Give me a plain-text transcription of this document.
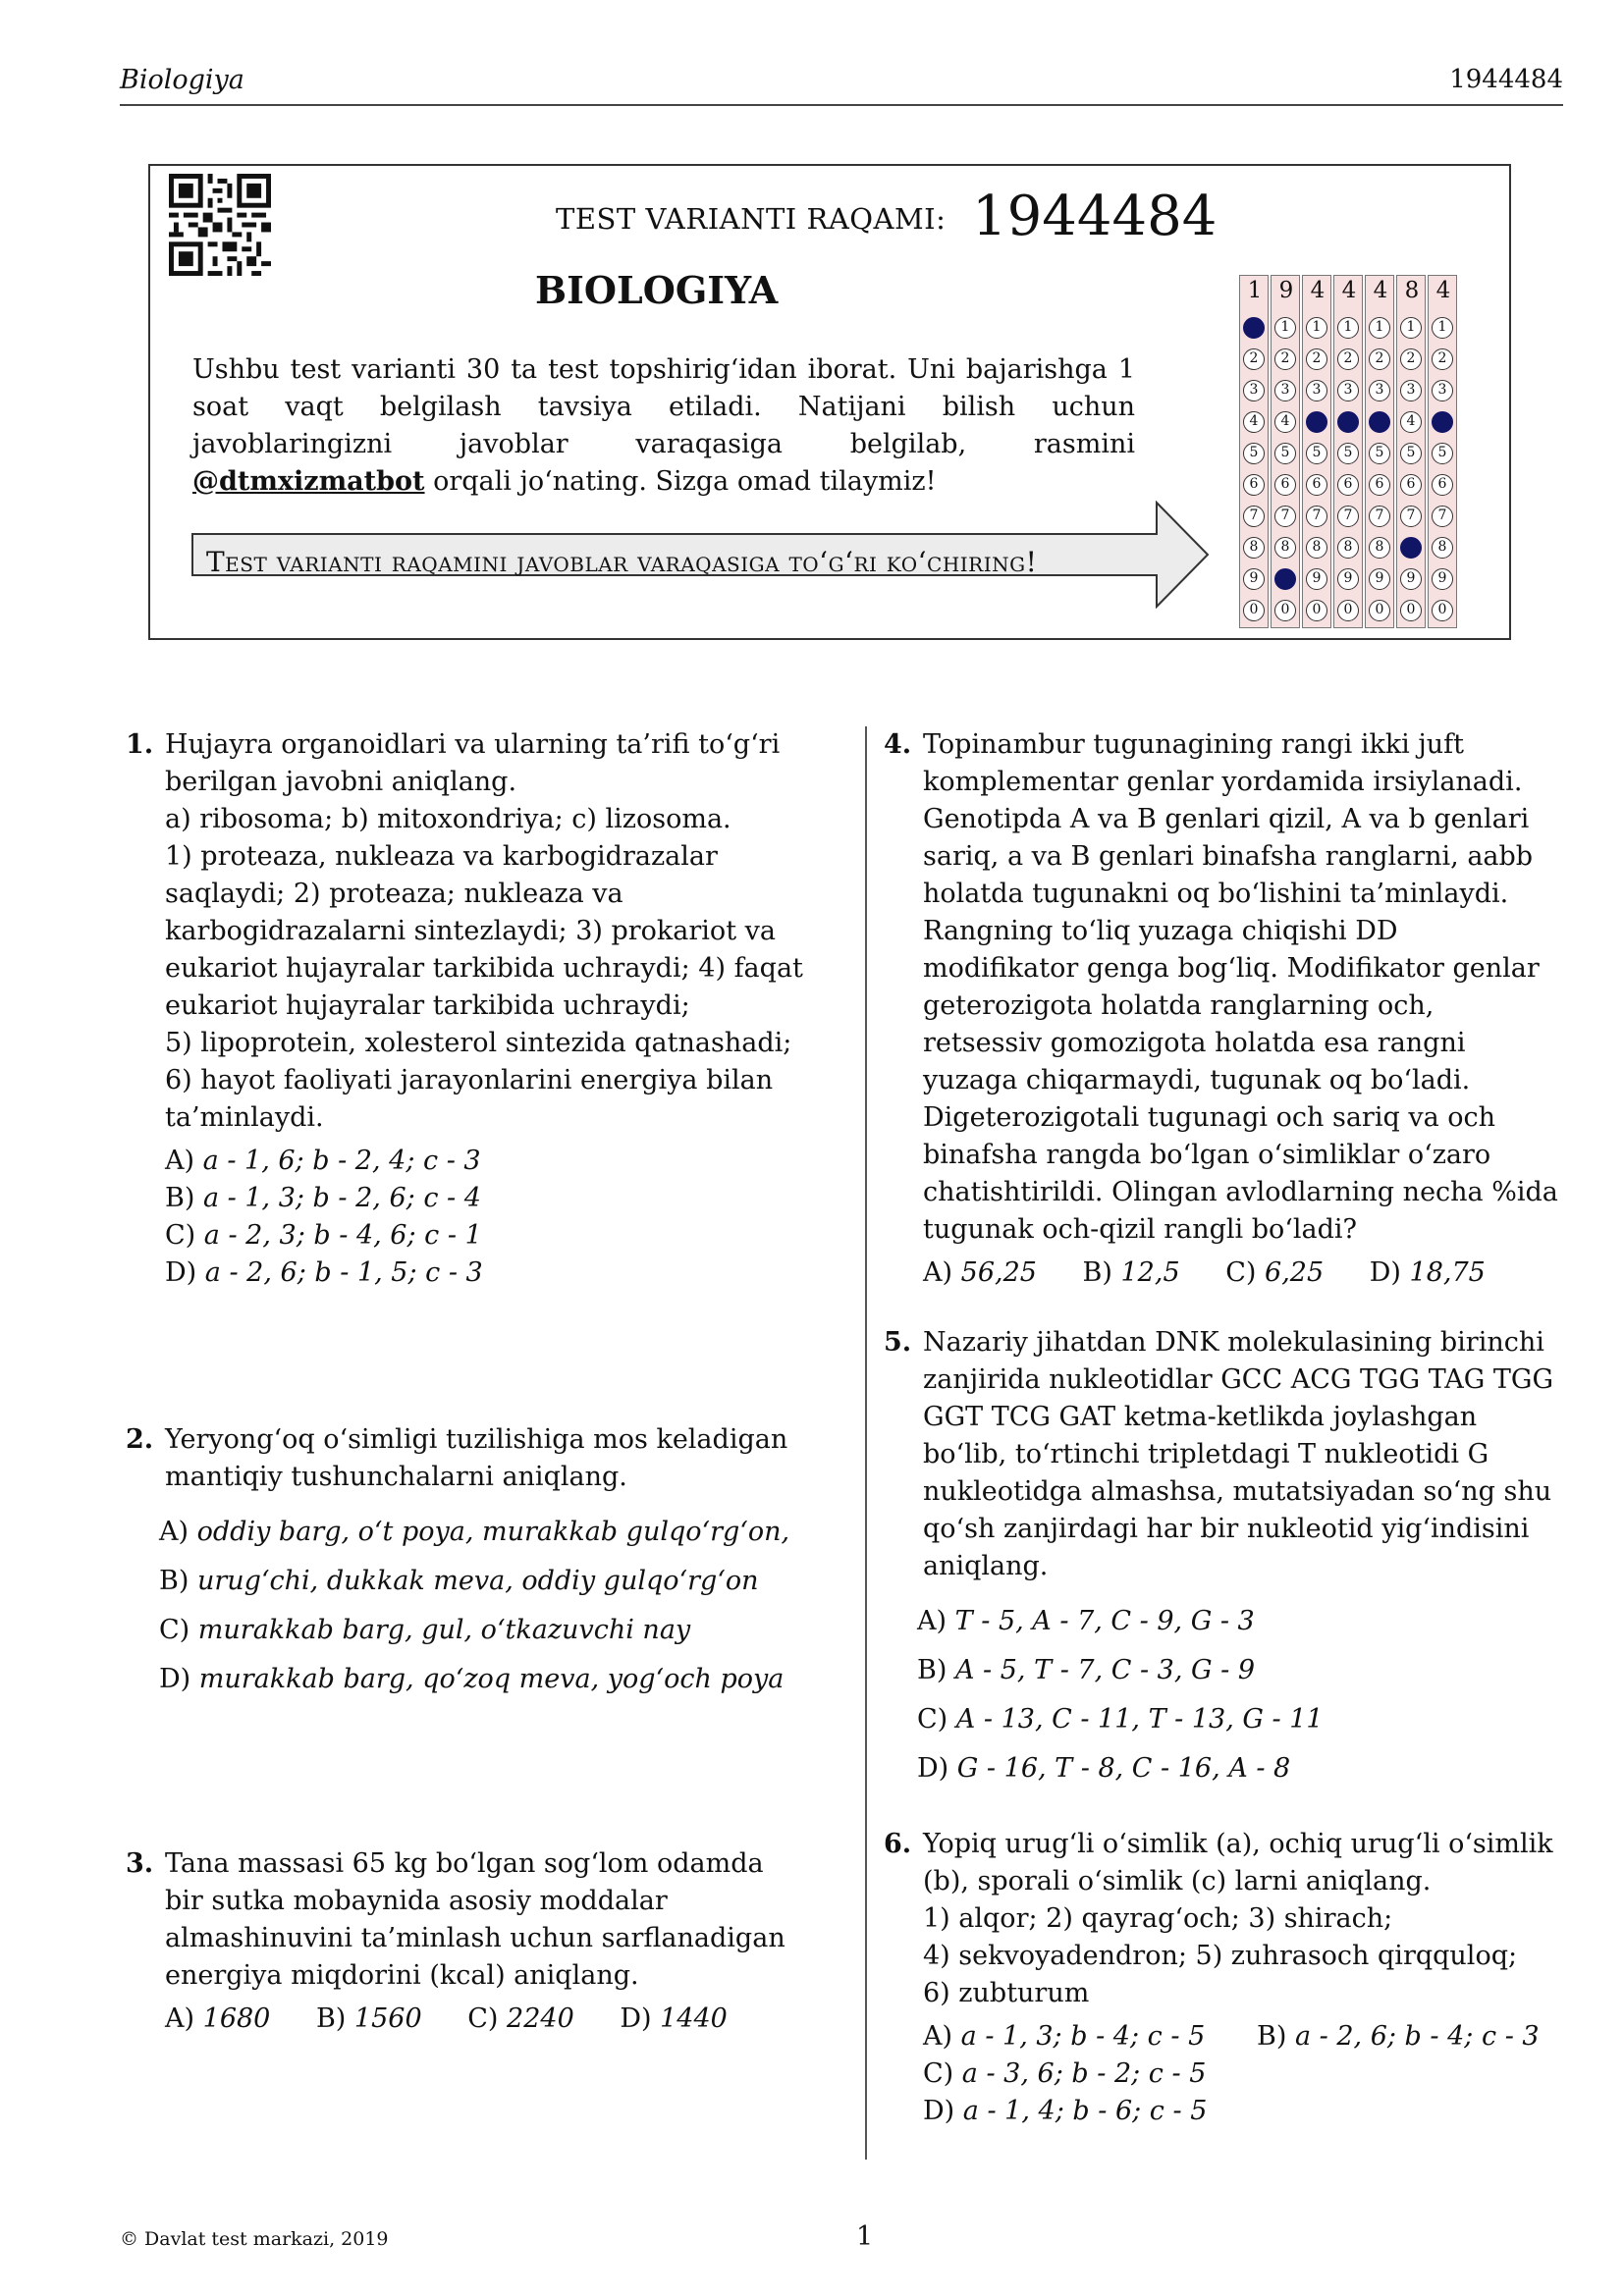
Biologiya	1944484
TEST VARIANTI RAQAMI: 1944484
BIOLOGIYA
Ushbu test varianti 30 ta test topshirig‘idan iborat. Uni bajarishga 1 soat vaqt belgilash tavsiya etiladi. Natijani bilish uchun javoblaringizni javoblar varaqasiga belgilab, rasmini @dtmxizmatbot orqali jo‘nating. Sizga omad tilaymiz!
Test varianti raqamini javoblar varaqasiga to‘g‘ri ko‘chiring!
1
2
3
4
5
6
7
8
9
0
9
1
2
3
4
5
6
7
8
0
4
1
2
3
5
6
7
8
9
0
4
1
2
3
5
6
7
8
9
0
4
1
2
3
5
6
7
8
9
0
8
1
2
3
4
5
6
7
9
0
4
1
2
3
5
6
7
8
9
0
1. Hujayra organoidlari va ularning ta’rifi to‘g‘ri berilgan javobni aniqlang.

a) ribosoma; b) mitoxondriya; c) lizosoma.

1) proteaza, nukleaza va karbogidrazalar saqlaydi; 2) proteaza; nukleaza va karbogidrazalarni sintezlaydi; 3) prokariot va eukariot hujayralar tarkibida uchraydi; 4) faqat eukariot hujayralar tarkibida uchraydi;

5) lipoprotein, xolesterol sintezida qatnashadi; 6) hayot faoliyati jarayonlarini energiya bilan ta’minlaydi.

A) a - 1, 6; b - 2, 4; c - 3

B) a - 1, 3; b - 2, 6; c - 4

C) a - 2, 3; b - 4, 6; c - 1

D) a - 2, 6; b - 1, 5; c - 3

2. Yeryong‘oq o‘simligi tuzilishiga mos keladigan mantiqiy tushunchalarni aniqlang.

A) oddiy barg, o‘t poya, murakkab gulqo‘rg‘on,

B) urug‘chi, dukkak meva, oddiy gulqo‘rg‘on

C) murakkab barg, gul, o‘tkazuvchi nay

D) murakkab barg, qo‘zoq meva, yog‘och poya

3. Tana massasi 65 kg bo‘lgan sog‘lom odamda bir sutka mobaynida asosiy moddalar almashinuvini ta’minlash uchun sarflanadigan energiya miqdorini (kcal) aniqlang.

A) 1680 B) 1560 C) 2240 D) 1440

4. Topinambur tugunagining rangi ikki juft komplementar genlar yordamida irsiylanadi. Genotipda A va B genlari qizil, A va b genlari sariq, a va B genlari binafsha ranglarni, aabb holatda tugunakni oq bo‘lishini ta’minlaydi. Rangning to‘liq yuzaga chiqishi DD modifikator genga bog‘liq. Modifikator genlar geterozigota holatda ranglarning och, retsessiv gomozigota holatda esa rangni yuzaga chiqarmaydi, tugunak oq bo‘ladi. Digeterozigotali tugunagi och sariq va och binafsha rangda bo‘lgan o‘simliklar o‘zaro chatishtirildi. Olingan avlodlarning necha %ida tugunak och-qizil rangli bo‘ladi?

A) 56,25 B) 12,5 C) 6,25 D) 18,75

5. Nazariy jihatdan DNK molekulasining birinchi zanjirida nukleotidlar GCC ACG TGG TAG TGG GGT TCG GAT ketma-ketlikda joylashgan bo‘lib, to‘rtinchi tripletdagi T nukleotidi G nukleotidga almashsa, mutatsiyadan so‘ng shu qo‘sh zanjirdagi har bir nukleotid yig‘indisini aniqlang.

A) T - 5, A - 7, C - 9, G - 3

B) A - 5, T - 7, C - 3, G - 9

C) A - 13, C - 11, T - 13, G - 11

D) G - 16, T - 8, C - 16, A - 8

6. Yopiq urug‘li o‘simlik (a), ochiq urug‘li o‘simlik (b), sporali o‘simlik (c) larni aniqlang.

1) alqor; 2) qayrag‘och; 3) shirach;

4) sekvoyadendron; 5) zuhrasoch qirqquloq;

6) zubturum

A) a - 1, 3; b - 4; c - 5 B) a - 2, 6; b - 4; c - 3

C) a - 3, 6; b - 2; c - 5

D) a - 1, 4; b - 6; c - 5

© Davlat test markazi, 2019	1
